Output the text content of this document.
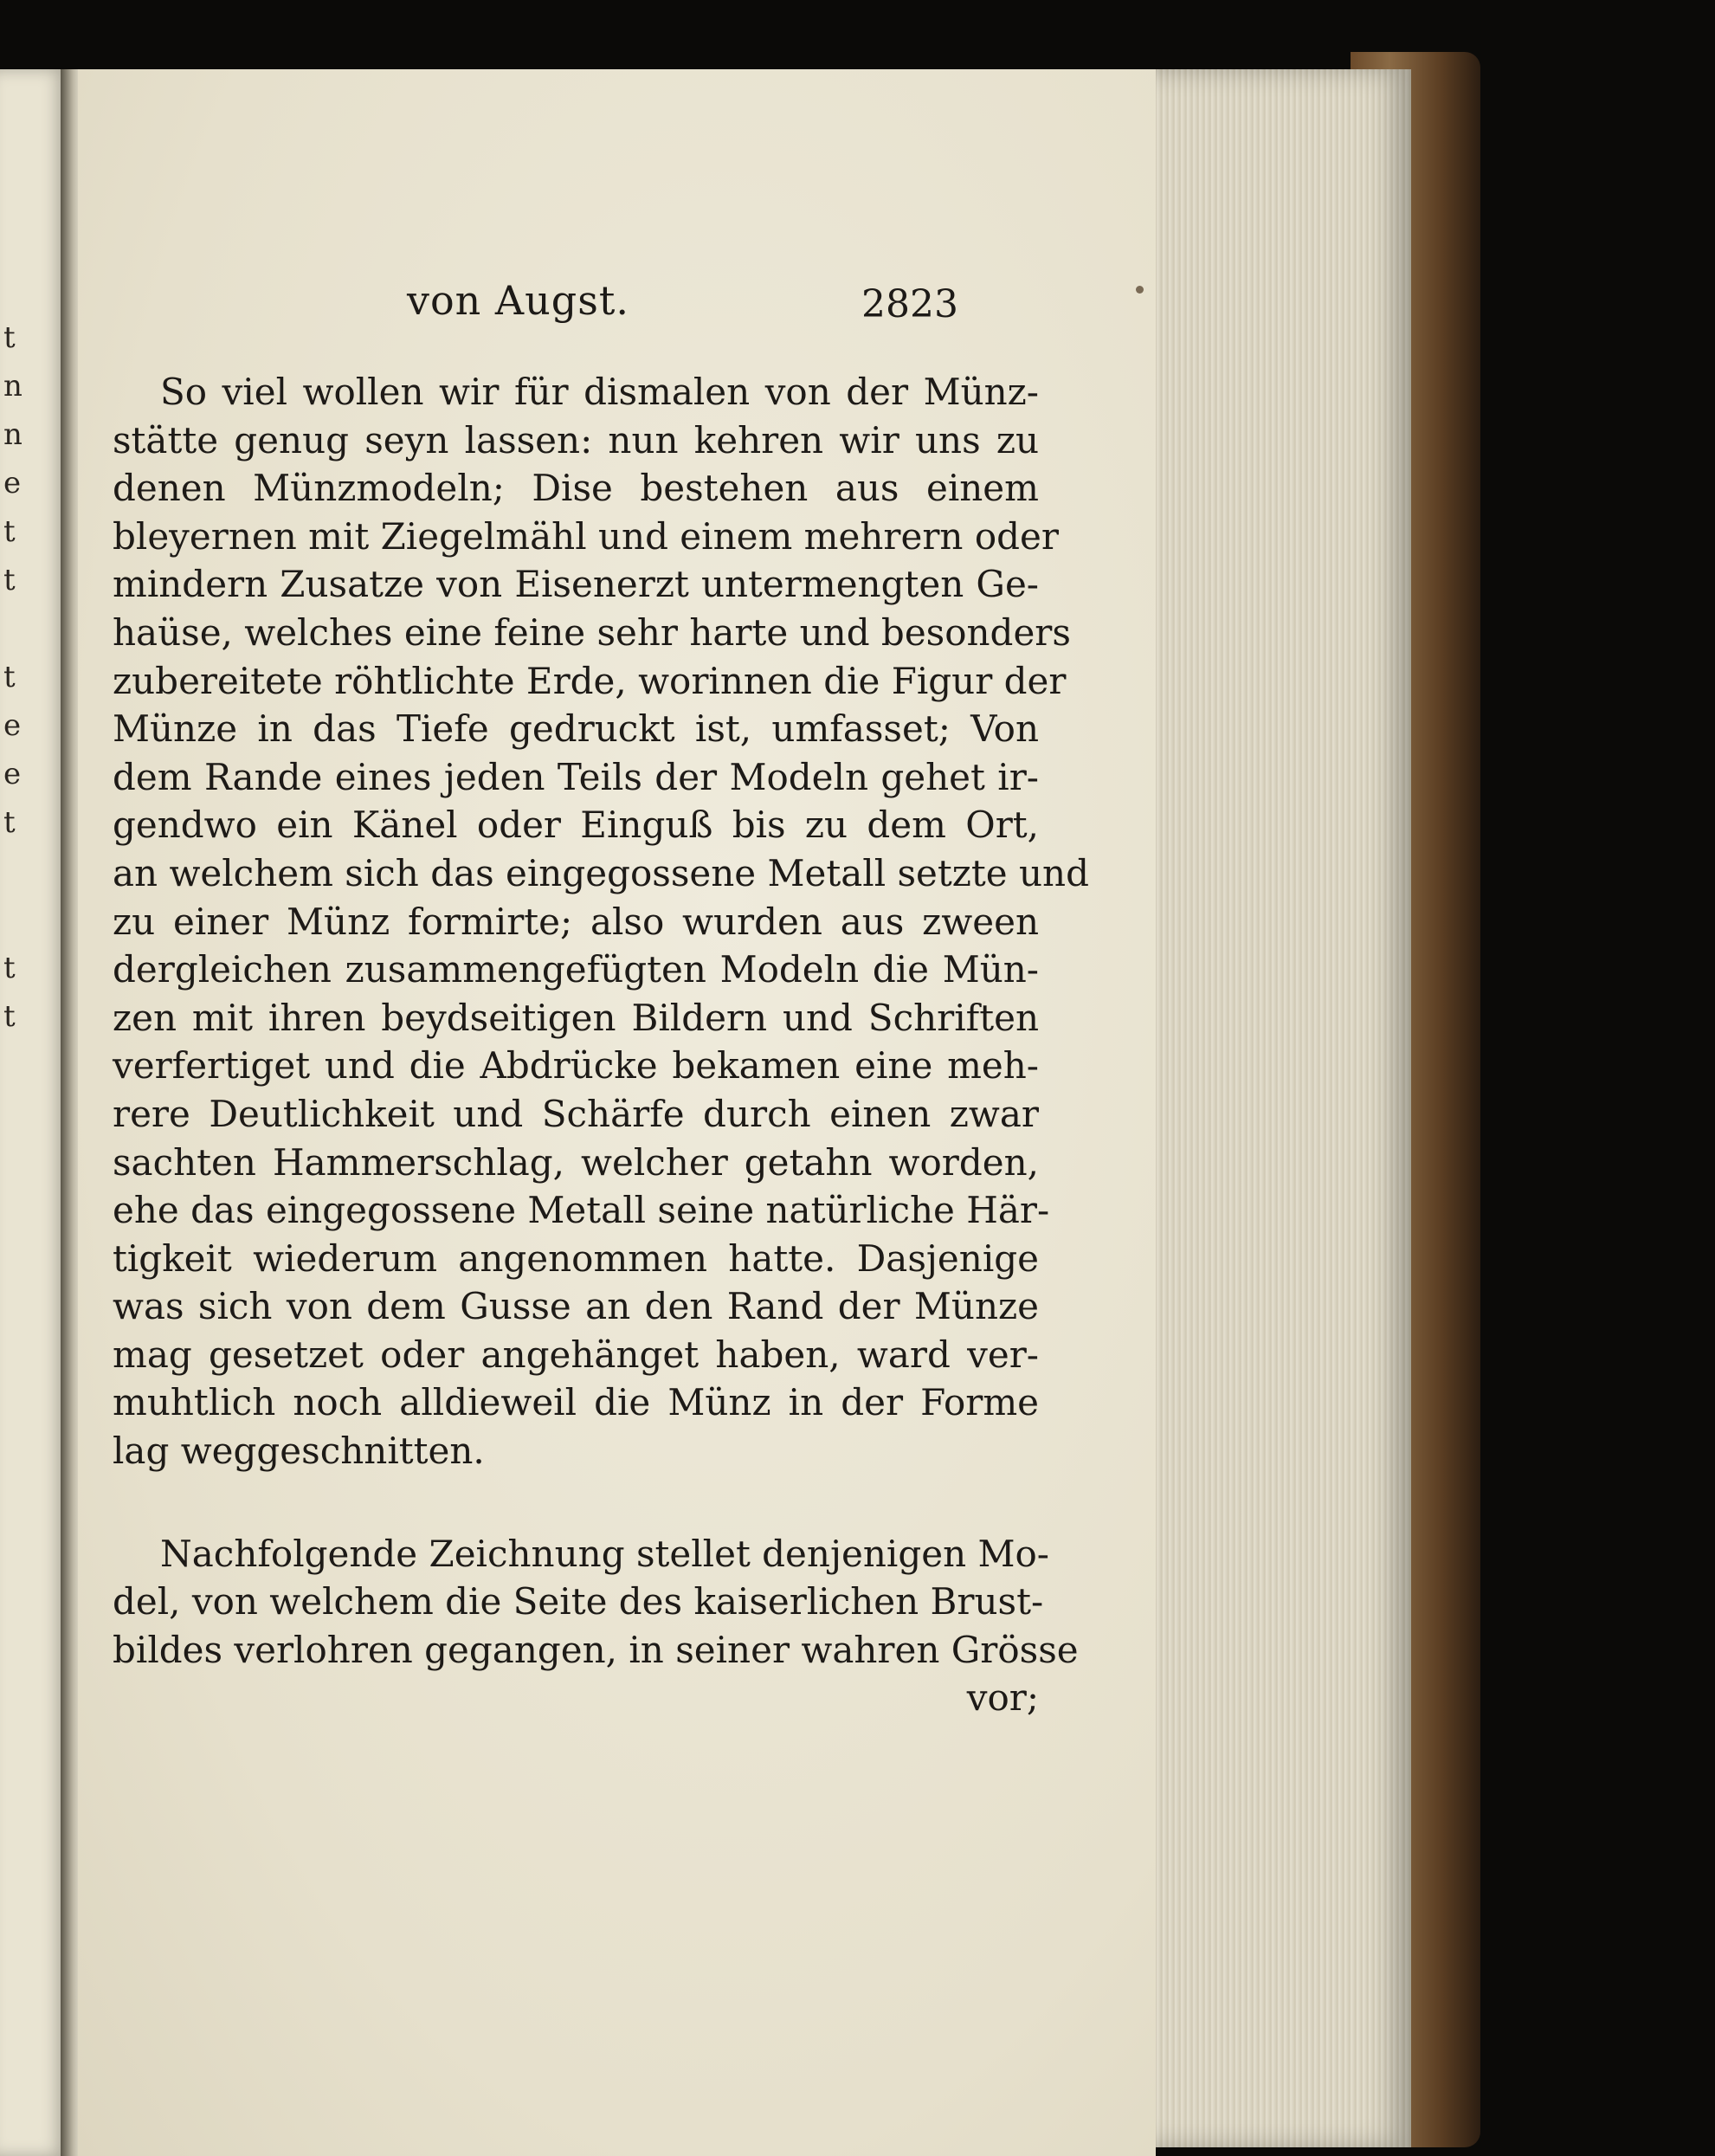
t
n
n
e
t
t
t
e
e
t
t
t
von Augst.	2823
So viel wollen wir für dismalen von der Münz-
stätte genug seyn lassen: nun kehren wir uns zu
denen Münzmodeln; Dise bestehen aus einem
bleyernen mit Ziegelmähl und einem mehrern oder
mindern Zusatze von Eisenerzt untermengten Ge-
haüse, welches eine feine sehr harte und besonders
zubereitete röhtlichte Erde, worinnen die Figur der
Münze in das Tiefe gedruckt ist, umfasset; Von
dem Rande eines jeden Teils der Modeln gehet ir-
gendwo ein Känel oder Einguß bis zu dem Ort,
an welchem sich das eingegossene Metall setzte und
zu einer Münz formirte; also wurden aus zween
dergleichen zusammengefügten Modeln die Mün-
zen mit ihren beydseitigen Bildern und Schriften
verfertiget und die Abdrücke bekamen eine meh-
rere Deutlichkeit und Schärfe durch einen zwar
sachten Hammerschlag, welcher getahn worden,
ehe das eingegossene Metall seine natürliche Här-
tigkeit wiederum angenommen hatte. Dasjenige
was sich von dem Gusse an den Rand der Münze
mag gesetzet oder angehänget haben, ward ver-
muhtlich noch alldieweil die Münz in der Forme
lag weggeschnitten.
Nachfolgende Zeichnung stellet denjenigen Mo-
del, von welchem die Seite des kaiserlichen Brust-
bildes verlohren gegangen, in seiner wahren Grösse
vor;
